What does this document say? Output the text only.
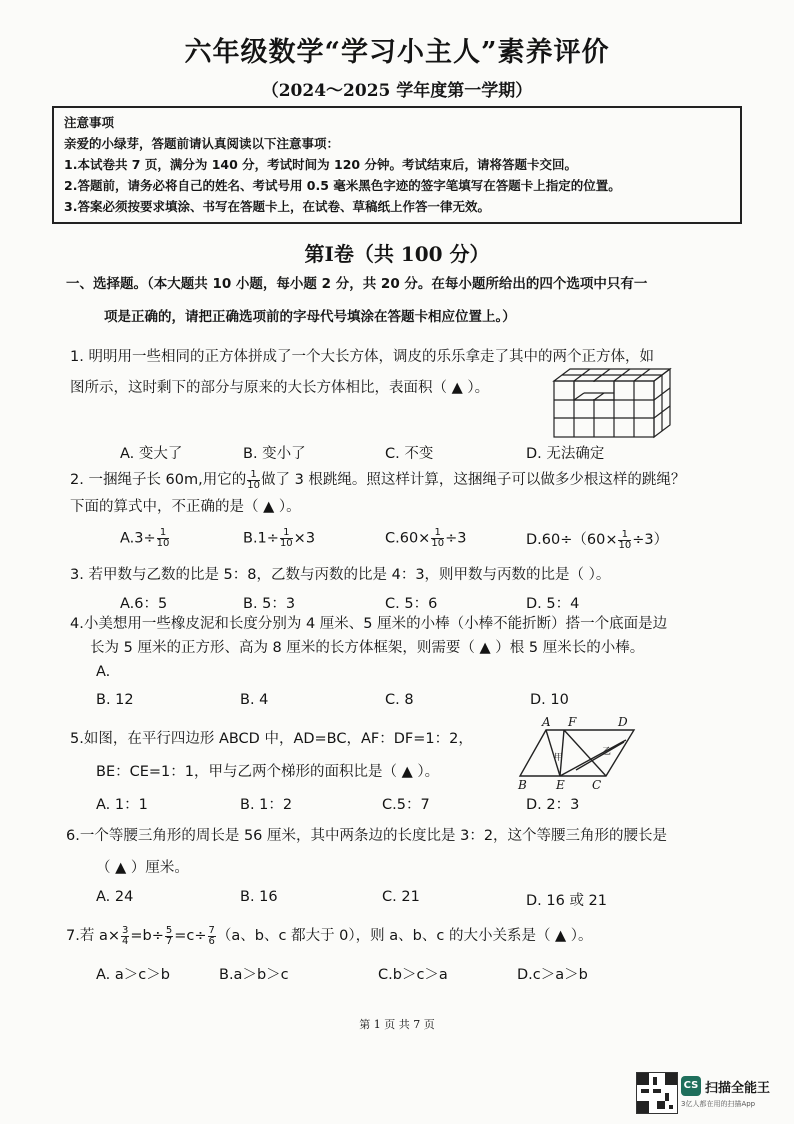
六年级数学“学习小主人”素养评价
（2024～2025 学年度第一学期）
注意事项
亲爱的小绿芽，答题前请认真阅读以下注意事项：
1.本试卷共 7 页，满分为 140 分，考试时间为 120 分钟。考试结束后，请将答题卡交回。
2.答题前，请务必将自己的姓名、考试号用 0.5 毫米黑色字迹的签字笔填写在答题卡上指定的位置。
3.答案必须按要求填涂、书写在答题卡上，在试卷、草稿纸上作答一律无效。
第Ⅰ卷（共 100 分）
一、选择题。（本大题共 10 小题，每小题 2 分，共 20 分。在每小题所给出的四个选项中只有一
项是正确的，请把正确选项前的字母代号填涂在答题卡相应位置上。）
1. 明明用一些相同的正方体拼成了一个大长方体，调皮的乐乐拿走了其中的两个正方体，如
图所示，这时剩下的部分与原来的大长方体相比，表面积（ ▲ ）。
A. 变大了	B. 变小了	C. 不变	D. 无法确定
2. 一捆绳子长 60m,用它的 $\frac{1}{10}$ 做了 3 根跳绳。照这样计算，这捆绳子可以做多少根这样的跳绳？
下面的算式中，不正确的是（ ▲ ）。
$A.3\div \frac{1}{10}$	$B.1\div \frac{1}{10} \times 3$	$C.60\times \frac{1}{10} \div 3$	$D.60\div(60\times \frac{1}{10} \div 3)$
3. 若甲数与乙数的比是 5：8，乙数与丙数的比是 4：3，则甲数与丙数的比是（ ）。
A.6：5	B. 5：3	C. 5：6	D. 5：4
4.小美想用一些橡皮泥和长度分别为 4 厘米、5 厘米的小棒（小棒不能折断）搭一个底面是边
长为 5 厘米的正方形、高为 8 厘米的长方体框架，则需要（ ▲ ）根 5 厘米长的小棒。
A.
B. 12	B. 4	C. 8	D. 10
5.如图，在平行四边形 ABCD 中，AD=BC，AF：DF=1：2，
BE：CE=1：1，甲与乙两个梯形的面积比是（ ▲ ）。
A F	D
B E C
甲
乙
A. 1：1	B. 1：2	C.5：7	D. 2：3
6.一个等腰三角形的周长是 56 厘米，其中两条边的长度比是 3：2，这个等腰三角形的腰长是
（ ▲ ）厘米。
A. 24	B. 16	C. 21	D. 16 或 21
7.若 $a\times \frac{3}{4} =b\div \frac{5}{7} =c\div \frac{7}{6} (a$、b、c 都大于 0），则 a、b、c 的大小关系是（ ▲ ）。
A. a＞c＞b	B.a＞b＞c	C.b＞c＞a	D.c＞a＞b
第 1 页 共 7 页
CS 扫描全能王
3亿人都在用的扫描App
